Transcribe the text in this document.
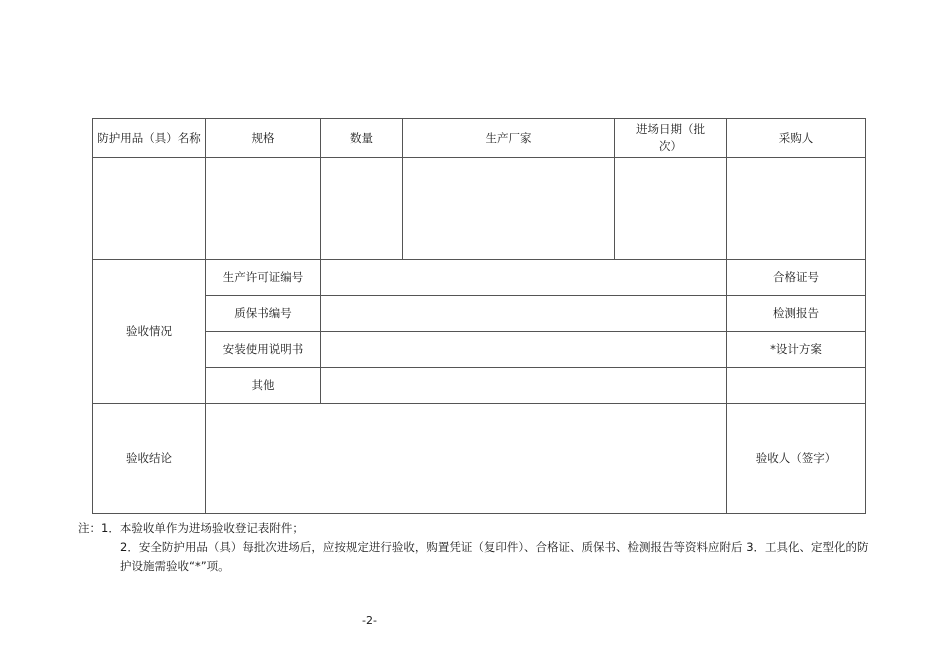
防护用品（具）名称	规格	数量	生产厂家	进场日期（批次）	采购人	

验收情况	生产许可证编号				合格证号	
	质保书编号				检测报告	
	安装使用说明书				*设计方案	
	其他					
验收结论					验收人（签字）	
注：1．本验收单作为进场验收登记表附件；
2．安全防护用品（具）每批次进场后，应按规定进行验收，购置凭证（复印件）、合格证、质保书、检测报告等资料应附后 3．工具化、定型化的防护设施需验收“*”项。
-2-
